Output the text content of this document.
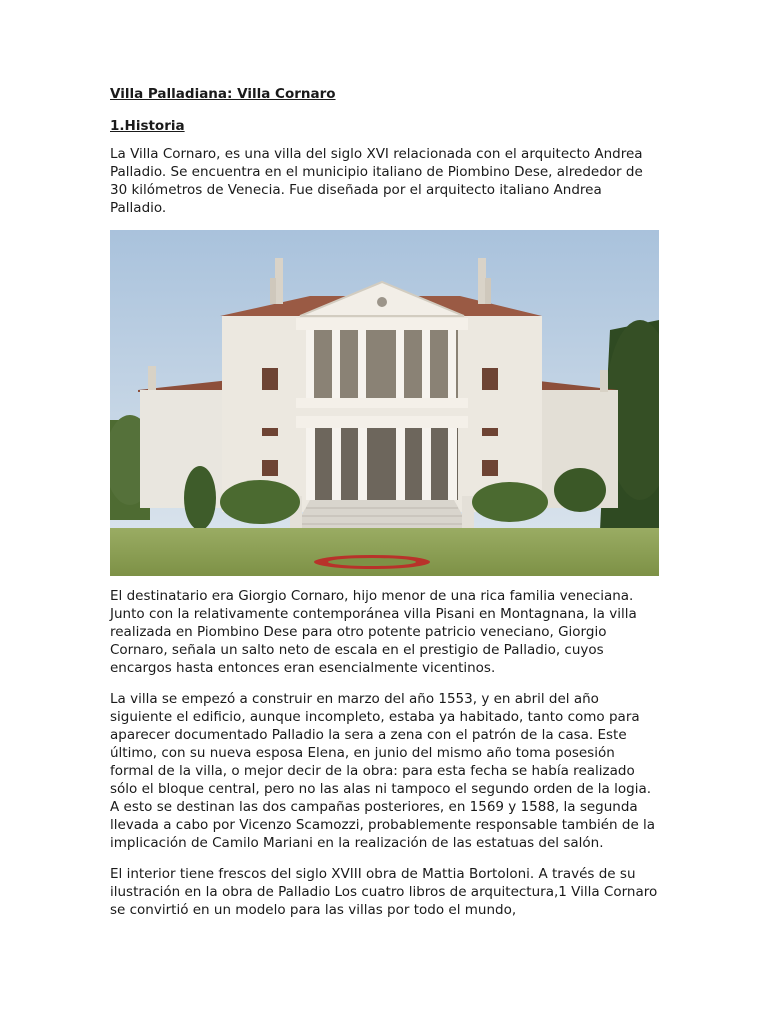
Villa Palladiana: Villa Cornaro
1.Historia

La Villa Cornaro, es una villa del siglo XVI relacionada con el arquitecto Andrea Palladio. Se encuentra en el municipio italiano de Piombino Dese, alrededor de 30 kilómetros de Venecia. Fue diseñada por el arquitecto italiano Andrea Palladio.

El destinatario era Giorgio Cornaro, hijo menor de una rica familia veneciana. Junto con la relativamente contemporánea villa Pisani en Montagnana, la villa realizada en Piombino Dese para otro potente patricio veneciano, Giorgio Cornaro, señala un salto neto de escala en el prestigio de Palladio, cuyos encargos hasta entonces eran esencialmente vicentinos.

La villa se empezó a construir en marzo del año 1553, y en abril del año siguiente el edificio, aunque incompleto, estaba ya habitado, tanto como para aparecer documentado Palladio la sera a zena con el patrón de la casa. Este último, con su nueva esposa Elena, en junio del mismo año toma posesión formal de la villa, o mejor decir de la obra: para esta fecha se había realizado sólo el bloque central, pero no las alas ni tampoco el segundo orden de la logia. A esto se destinan las dos campañas posteriores, en 1569 y 1588, la segunda llevada a cabo por Vicenzo Scamozzi, probablemente responsable también de la implicación de Camilo Mariani en la realización de las estatuas del salón.

El interior tiene frescos del siglo XVIII obra de Mattia Bortoloni. A través de su ilustración en la obra de Palladio Los cuatro libros de arquitectura,1 Villa Cornaro se convirtió en un modelo para las villas por todo el mundo,
